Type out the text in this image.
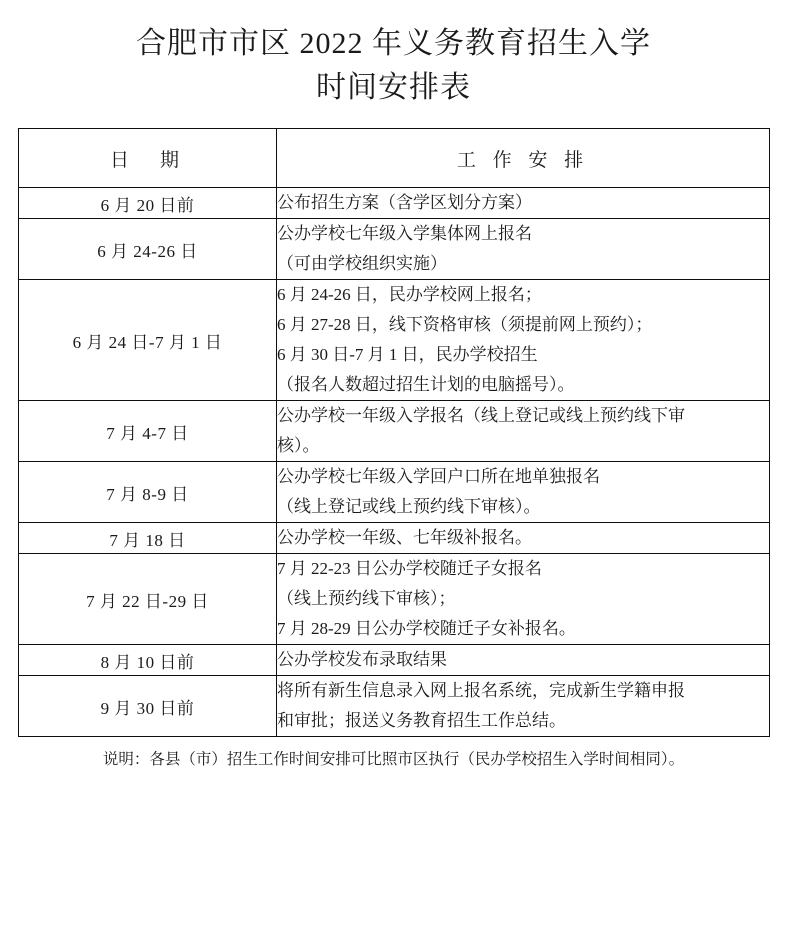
合肥市市区 2022 年义务教育招生入学
时间安排表
日　期	工 作 安 排
6 月 20 日前	公布招生方案（含学区划分方案）

6 月 24-26 日	公办学校七年级入学集体网上报名
（可由学校组织实施）

6 月 24 日-7 月 1 日	6 月 24-26 日，民办学校网上报名；
6 月 27-28 日，线下资格审核（须提前网上预约）；
6 月 30 日-7 月 1 日，民办学校招生
（报名人数超过招生计划的电脑摇号）。

7 月 4-7 日	公办学校一年级入学报名（线上登记或线上预约线下审
核）。

7 月 8-9 日	公办学校七年级入学回户口所在地单独报名
（线上登记或线上预约线下审核）。

7 月 18 日	公办学校一年级、七年级补报名。

7 月 22 日-29 日	7 月 22-23 日公办学校随迁子女报名
（线上预约线下审核）；
7 月 28-29 日公办学校随迁子女补报名。

8 月 10 日前	公办学校发布录取结果

9 月 30 日前	将所有新生信息录入网上报名系统，完成新生学籍申报
和审批；报送义务教育招生工作总结。
说明：各县（市）招生工作时间安排可比照市区执行（民办学校招生入学时间相同）。
